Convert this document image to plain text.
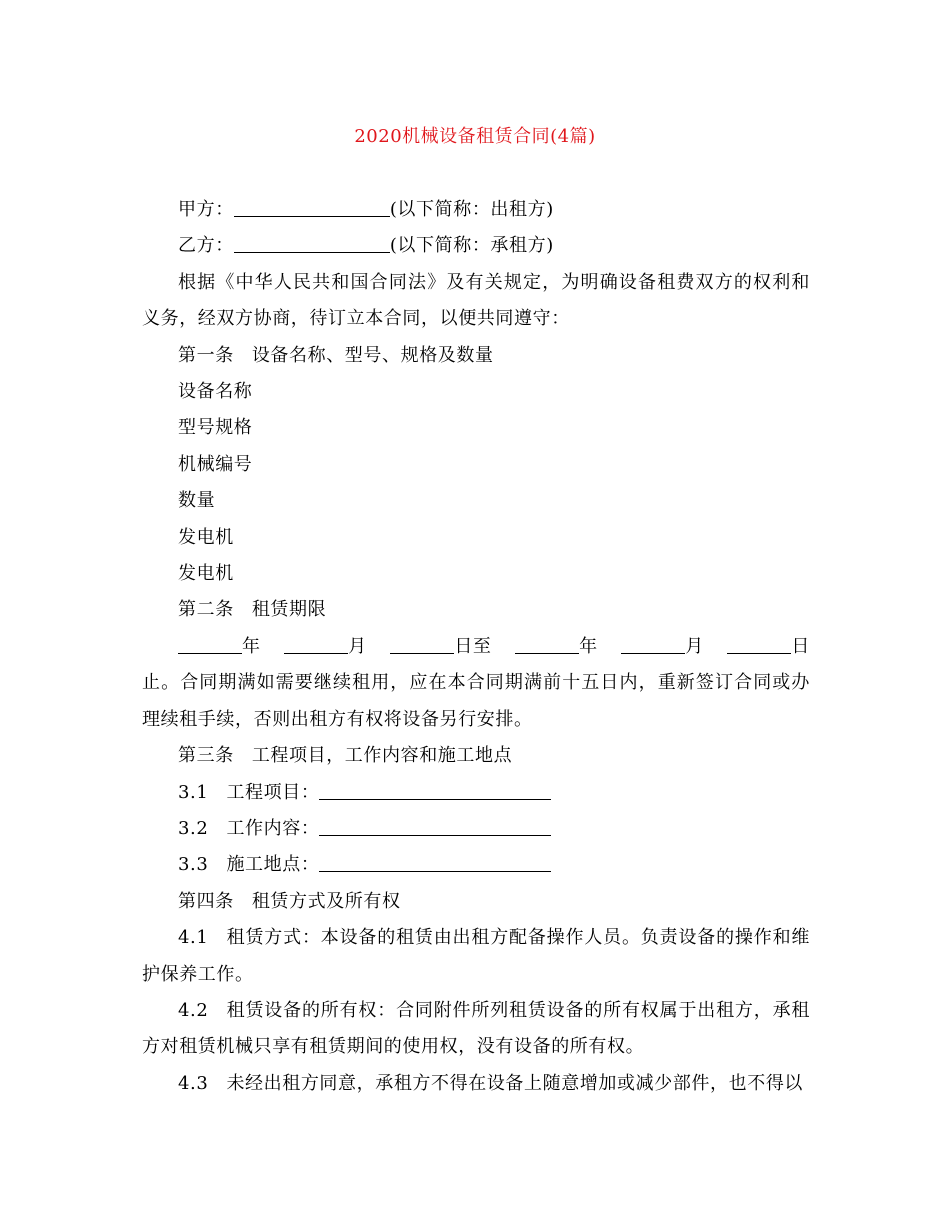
2020机械设备租赁合同(4篇)

甲方：	(以下简称：出租方)

乙方：	(以下简称：承租方)

根据《中华人民共和国合同法》及有关规定，为明确设备租费双方的权利和义务，经双方协商，待订立本合同，以便共同遵守：

第一条 设备名称、型号、规格及数量

设备名称

型号规格

机械编号

数量

发电机

发电机

第二条 租赁期限

年	月	日至	年	月	日

止。合同期满如需要继续租用，应在本合同期满前十五日内，重新签订合同或办理续租手续，否则出租方有权将设备另行安排。

第三条 工程项目，工作内容和施工地点

3.1 工程项目：

3.2 工作内容：

3.3 施工地点：

第四条 租赁方式及所有权

4.1 租赁方式：本设备的租赁由出租方配备操作人员。负责设备的操作和维护保养工作。

4.2 租赁设备的所有权：合同附件所列租赁设备的所有权属于出租方，承租方对租赁机械只享有租赁期间的使用权，没有设备的所有权。

4.3 未经出租方同意，承租方不得在设备上随意增加或减少部件，也不得以
